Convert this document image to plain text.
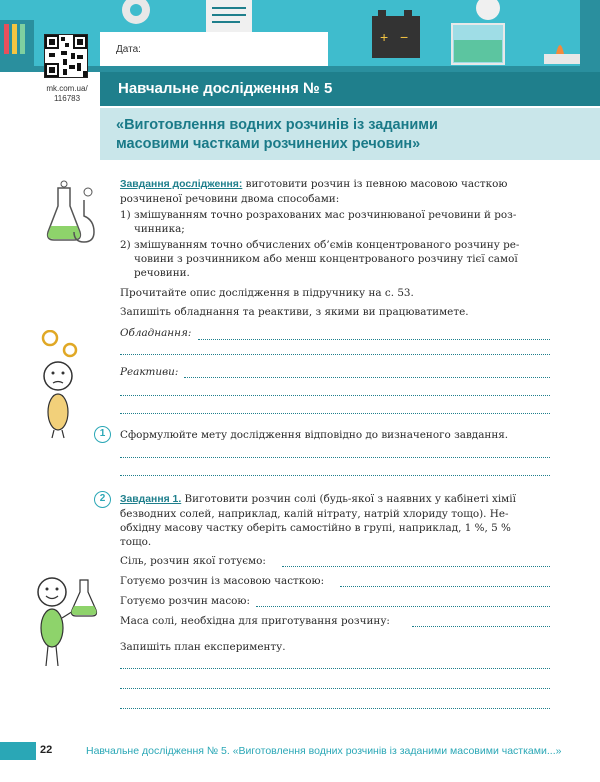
+ −
mk.com.ua/
116783
Дата:
Навчальне дослідження № 5
«Виготовлення водних розчинів із заданими
масовими частками розчинених речовин»
Завдання дослідження: виготовити розчин із певною масовою часткою
розчиненої речовини двома способами:
1) змішуванням точно розрахованих мас розчинюваної речовини й роз-
чинника;
2) змішуванням точно обчислених об’ємів концентрованого розчину ре-
човини з розчинником або менш концентрованого розчину тієї самої
речовини.
Прочитайте опис дослідження в підручнику на с. 53.
Запишіть обладнання та реактиви, з якими ви працюватимете.
Обладнання:
Реактиви:
1	Сформулюйте мету дослідження відповідно до визначеного завдання.
2	Завдання 1. Виготовити розчин солі (будь-якої з наявних у кабінеті хімії
безводних солей, наприклад, калій нітрату, натрій хлориду тощо). Не-
обхідну масову частку оберіть самостійно в групі, наприклад, 1 %, 5 %
тощо.
Сіль, розчин якої готуємо:
Готуємо розчин із масовою часткою:
Готуємо розчин масою:
Маса солі, необхідна для приготування розчину:
Запишіть план експерименту.
22	Навчальне дослідження № 5. «Виготовлення водних розчинів із заданими масовими частками...»
